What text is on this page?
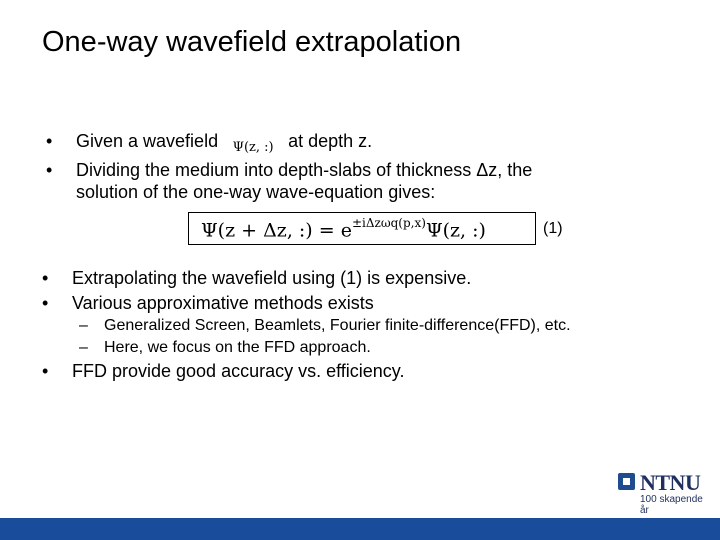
One-way wavefield extrapolation
• Given a wavefield Ψ(z, :) at depth z.
• Dividing the medium into depth-slabs of thickness Δz, the
solution of the one-way wave-equation gives:
Ψ(z + Δz, :) = $e^{\pm i\Delta z\omega q(p,x)}\Psi(z$, :)	(1)
• Extrapolating the wavefield using (1) is expensive.
• Various approximative methods exists
– Generalized Screen, Beamlets, Fourier finite-difference(FFD), etc.
– Here, we focus on the FFD approach.
• FFD provide good accuracy vs. efficiency.
NTNU
100 skapende år
